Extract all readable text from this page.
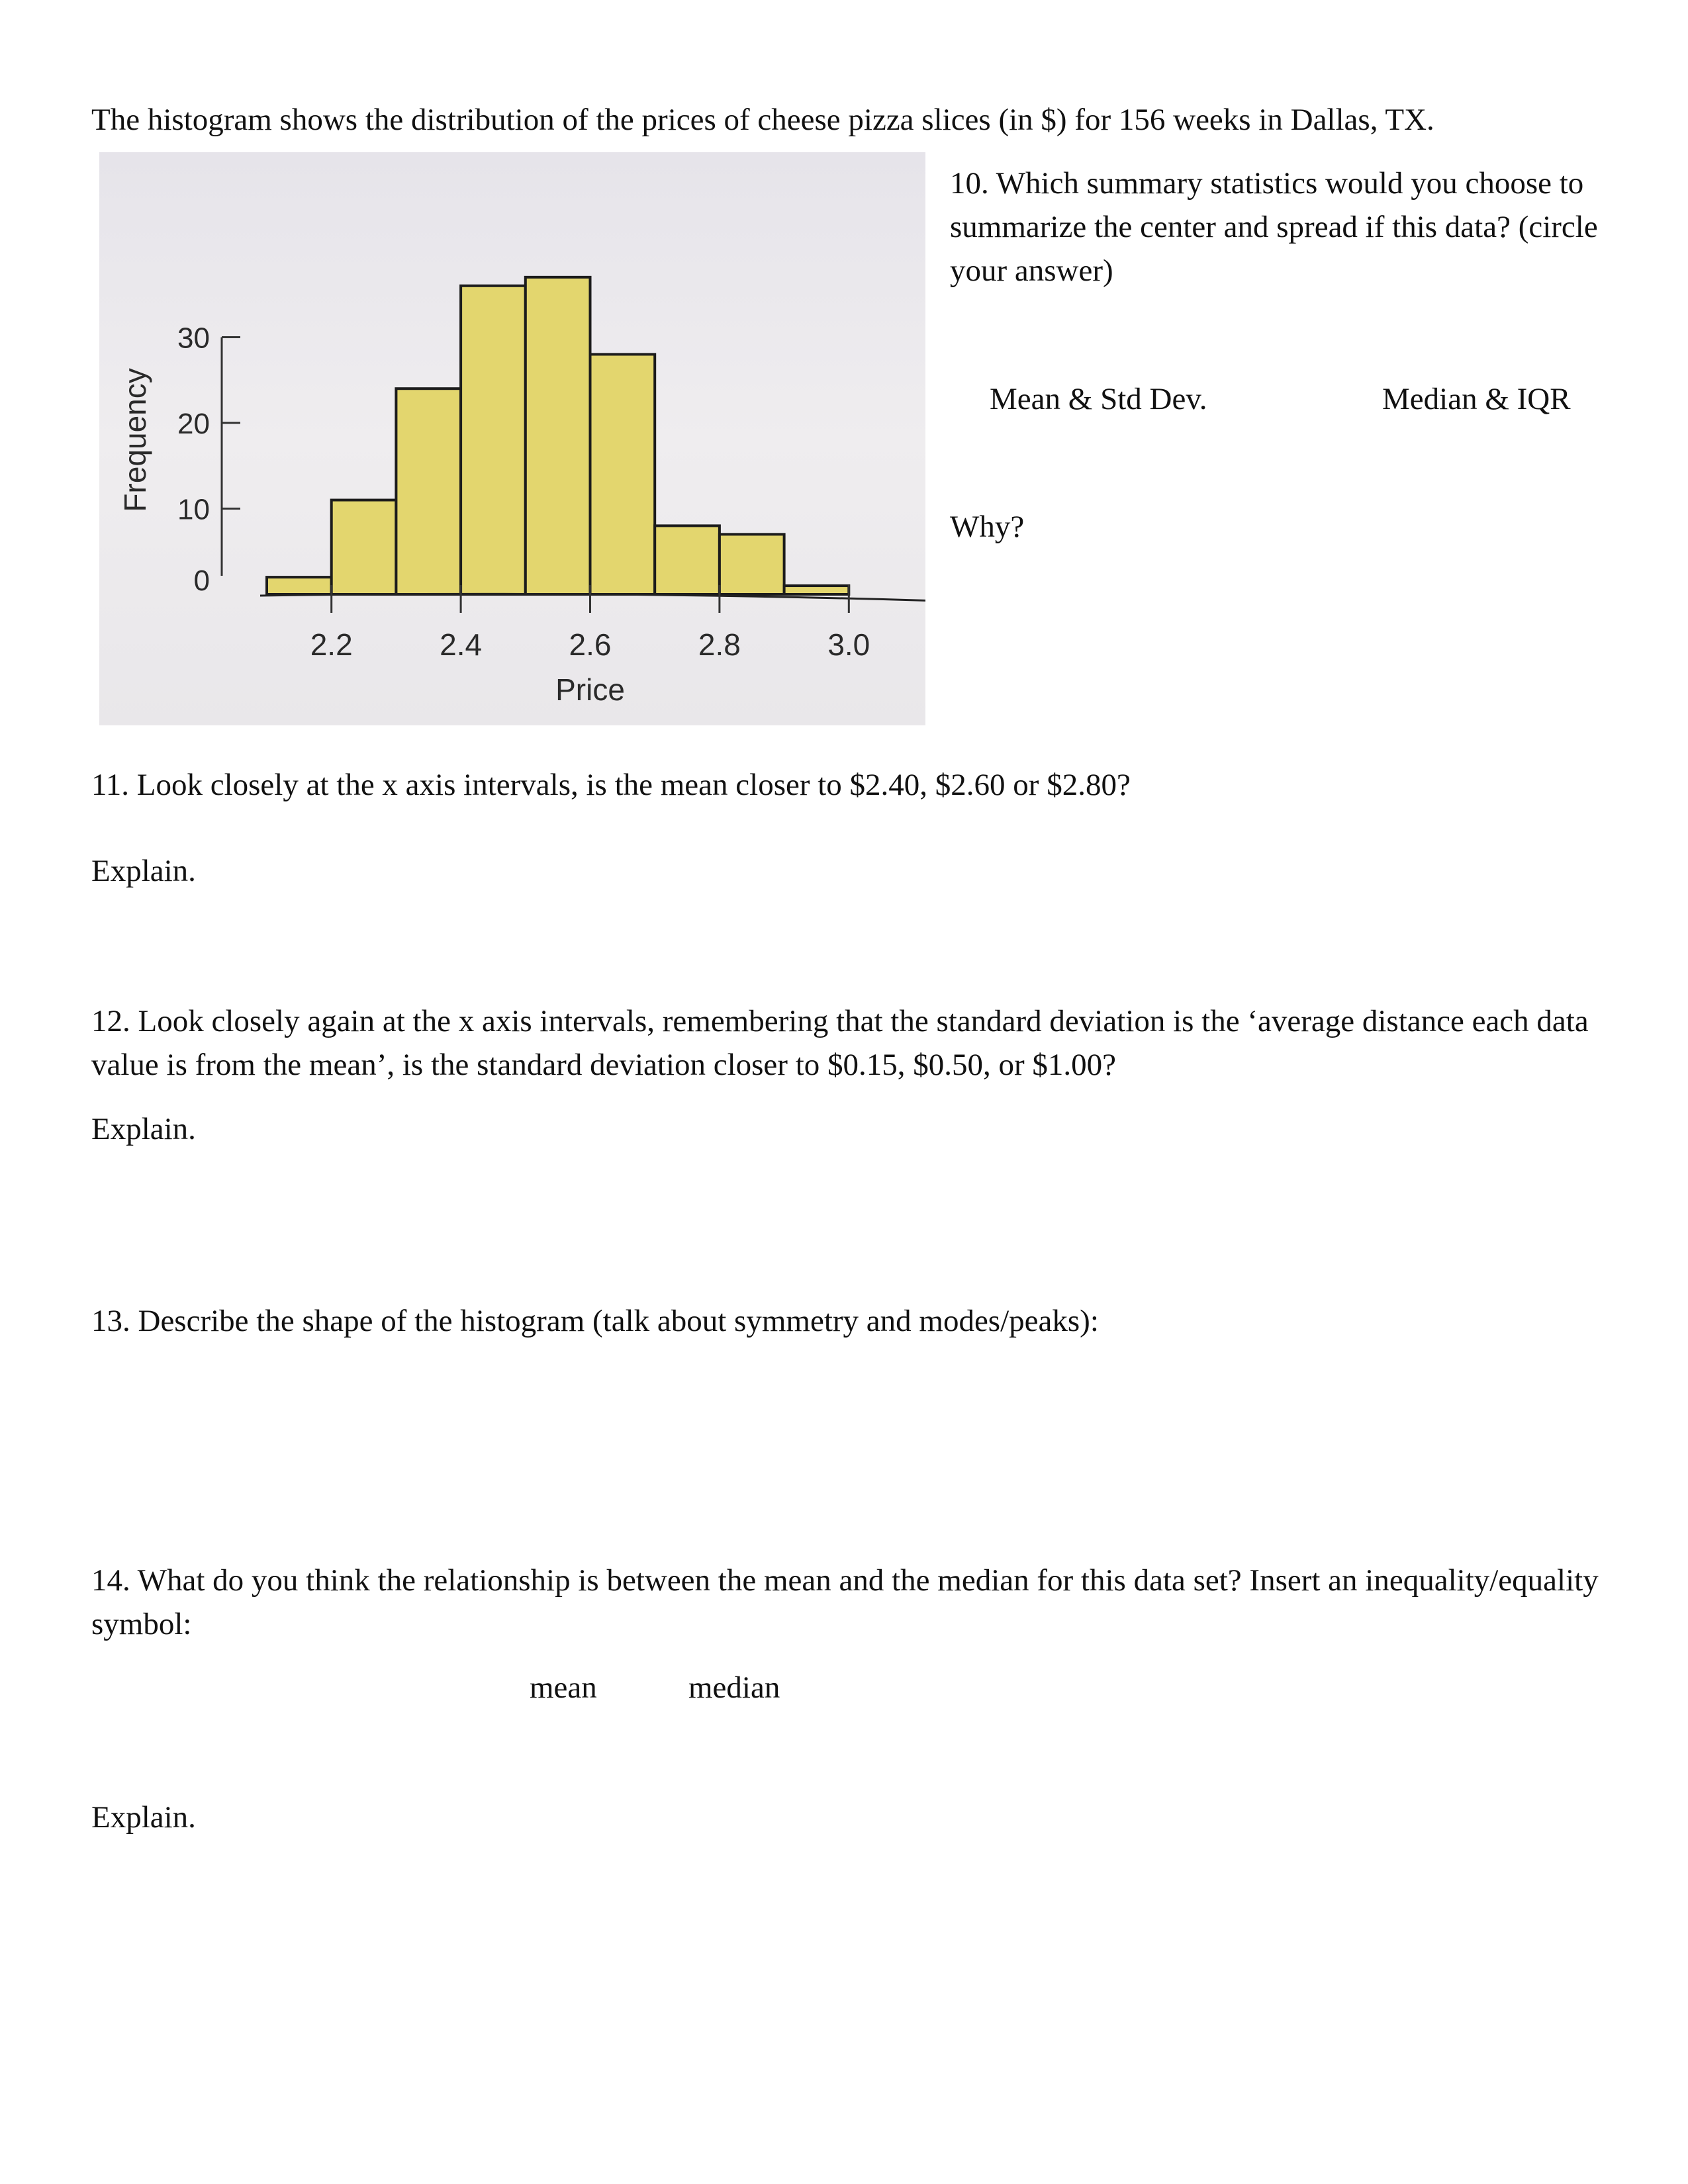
The histogram shows the distribution of the prices of cheese pizza slices (in $) for 156 weeks in Dallas, TX.

0
10
20
30
2.2	2.4	2.6	2.8	3.0
Price
Frequency
10. Which summary statistics would you choose to summarize the center and spread if this data? (circle your answer)

Mean & Std Dev.	Median & IQR

Why?

11. Look closely at the x axis intervals, is the mean closer to $2.40, $2.60 or $2.80?

Explain.

12. Look closely again at the x axis intervals, remembering that the standard deviation is the ‘average distance each data value is from the mean’, is the standard deviation closer to $0.15, $0.50, or $1.00?

Explain.

13. Describe the shape of the histogram (talk about symmetry and modes/peaks):

14. What do you think the relationship is between the mean and the median for this data set? Insert an inequality/equality symbol:

mean	median

Explain.
